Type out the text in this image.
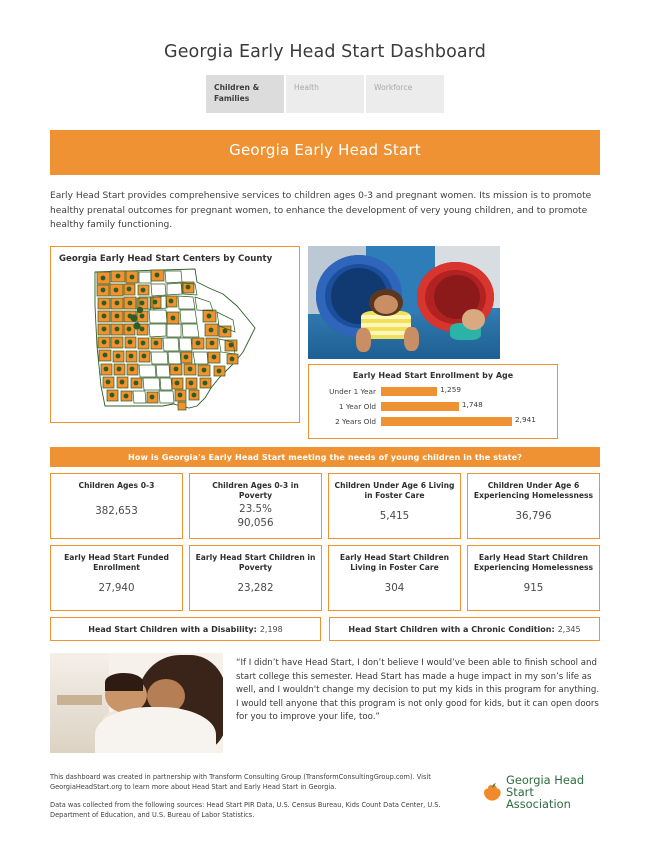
Georgia Early Head Start Dashboard
Children & Families
Health	Workforce
Georgia Early Head Start
Early Head Start provides comprehensive services to children ages 0-3 and pregnant women. Its mission is to promote healthy prenatal outcomes for pregnant women, to enhance the development of very young children, and to promote healthy family functioning.
Georgia Early Head Start Centers by County
Early Head Start Enrollment by Age
Under 1 Year	1,259
1 Year Old	1,748
2 Years Old	2,941
How is Georgia's Early Head Start meeting the needs of young children in the state?
Children Ages 0-3
382,653
Children Ages 0-3 in Poverty
23.5%
90,056
Children Under Age 6 Living in Foster Care
5,415
Children Under Age 6 Experiencing Homelessness
36,796
Early Head Start Funded Enrollment
27,940
Early Head Start Children in Poverty
23,282
Early Head Start Children Living in Foster Care
304
Early Head Start Children Experiencing Homelessness
915
Head Start Children with a Disability: 2,198	Head Start Children with a Chronic Condition: 2,345
“If I didn’t have Head Start, I don’t believe I would’ve been able to finish school and start college this semester. Head Start has made a huge impact in my son’s life as well, and I wouldn't change my decision to put my kids in this program for anything. I would tell anyone that this program is not only good for kids, but it can open doors for you to improve your life, too.”

This dashboard was created in partnership with Transform Consulting Group (TransformConsultingGroup.com). Visit GeorgiaHeadStart.org to learn more about Head Start and Early Head Start in Georgia.

Data was collected from the following sources: Head Start PIR Data, U.S. Census Bureau, Kids Count Data Center, U.S. Department of Education, and U.S. Bureau of Labor Statistics.

Georgia Head
Start Association
